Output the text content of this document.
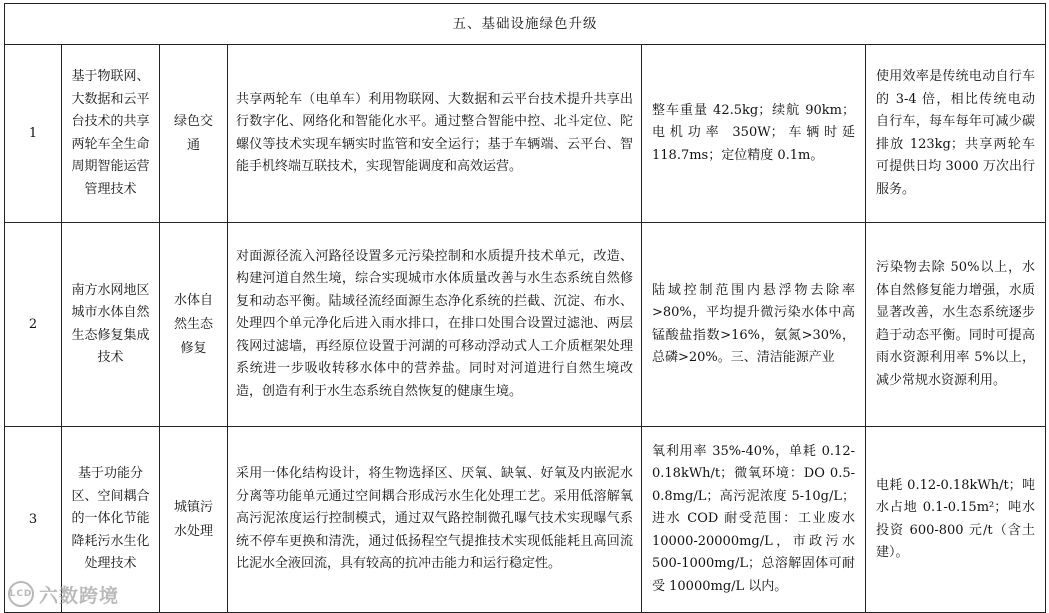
五、基础设施绿色升级					
1	基于物联网、大数据和云平台技术的共享两轮车全生命周期智能运营管理技术	绿色交通	共享两轮车（电单车）利用物联网、大数据和云平台技术提升共享出行数字化、网络化和智能化水平。通过整合智能中控、北斗定位、陀螺仪等技术实现车辆实时监管和安全运行；基于车辆端、云平台、智能手机终端互联技术，实现智能调度和高效运营。	整车重量 42.5kg；续航 90km；电机功率 350W；车辆时延 118.7ms；定位精度 0.1m。	使用效率是传统电动自行车的 3-4 倍，相比传统电动自行车，每车每年可减少碳排放 123kg；共享两轮车可提供日均 3000 万次出行服务。
2	南方水网地区城市水体自然生态修复集成技术	水体自然生态修复	对面源径流入河路径设置多元污染控制和水质提升技术单元，改造、构建河道自然生境，综合实现城市水体质量改善与水生态系统自然修复和动态平衡。陆域径流经面源生态净化系统的拦截、沉淀、布水、处理四个单元净化后进入雨水排口，在排口处围合设置过滤池、两层筏网过滤墙，再经原位设置于河湖的可移动浮动式人工介质框架处理系统进一步吸收转移水体中的营养盐。同时对河道进行自然生境改造，创造有利于水生态系统自然恢复的健康生境。	陆域控制范围内悬浮物去除率>80%，平均提升微污染水体中高锰酸盐指数>16%，氨氮>30%，总磷>20%。三、清洁能源产业	污染物去除 50%以上，水体自然修复能力增强，水质显著改善，水生态系统逐步趋于动态平衡。同时可提高雨水资源利用率 5%以上，减少常规水资源利用。
3	基于功能分区、空间耦合的一体化节能降耗污水生化处理技术	城镇污水处理	采用一体化结构设计，将生物选择区、厌氧、缺氧、好氧及内嵌泥水分离等功能单元通过空间耦合形成污水生化处理工艺。采用低溶解氧高污泥浓度运行控制模式，通过双气路控制微孔曝气技术实现曝气系统不停车更换和清洗，通过低扬程空气提推技术实现低能耗且高回流比泥水全液回流，具有较高的抗冲击能力和运行稳定性。	氧利用率 35%-40%，单耗 0.12-0.18kWh/t；微氧环境：DO 0.5-0.8mg/L；高污泥浓度 5-10g/L；进水 COD 耐受范围：工业废水 10000-20000mg/L，市政污水 500-1000mg/L；总溶解固体可耐受 10000mg/L 以内。	电耗 0.12-0.18kWh/t；吨水占地 0.1-0.15m²；吨水投资 600-800 元/t（含土建）。
LCD 六数跨境
